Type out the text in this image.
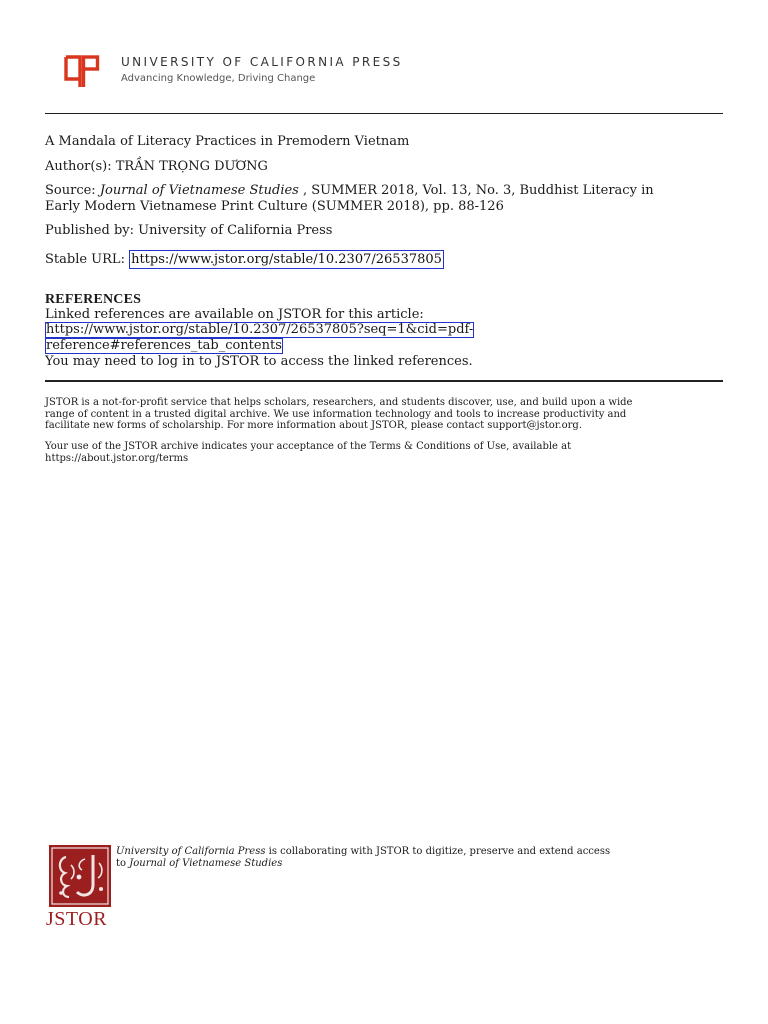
UNIVERSITY OF CALIFORNIA PRESS
Advancing Knowledge, Driving Change
A Mandala of Literacy Practices in Premodern Vietnam
Author(s): TRẦN TRỌNG DƯƠNG
Source: Journal of Vietnamese Studies , SUMMER 2018, Vol. 13, No. 3, Buddhist Literacy in
Early Modern Vietnamese Print Culture (SUMMER 2018), pp. 88-126
Published by: University of California Press
Stable URL: https://www.jstor.org/stable/10.2307/26537805
REFERENCES
Linked references are available on JSTOR for this article:
https://www.jstor.org/stable/10.2307/26537805?seq=1&cid=pdf-
reference#references_tab_contents
You may need to log in to JSTOR to access the linked references.
JSTOR is a not-for-profit service that helps scholars, researchers, and students discover, use, and build upon a wide
range of content in a trusted digital archive. We use information technology and tools to increase productivity and
facilitate new forms of scholarship. For more information about JSTOR, please contact support@jstor.org.
Your use of the JSTOR archive indicates your acceptance of the Terms & Conditions of Use, available at
https://about.jstor.org/terms
JSTOR
University of California Press is collaborating with JSTOR to digitize, preserve and extend access
to Journal of Vietnamese Studies
